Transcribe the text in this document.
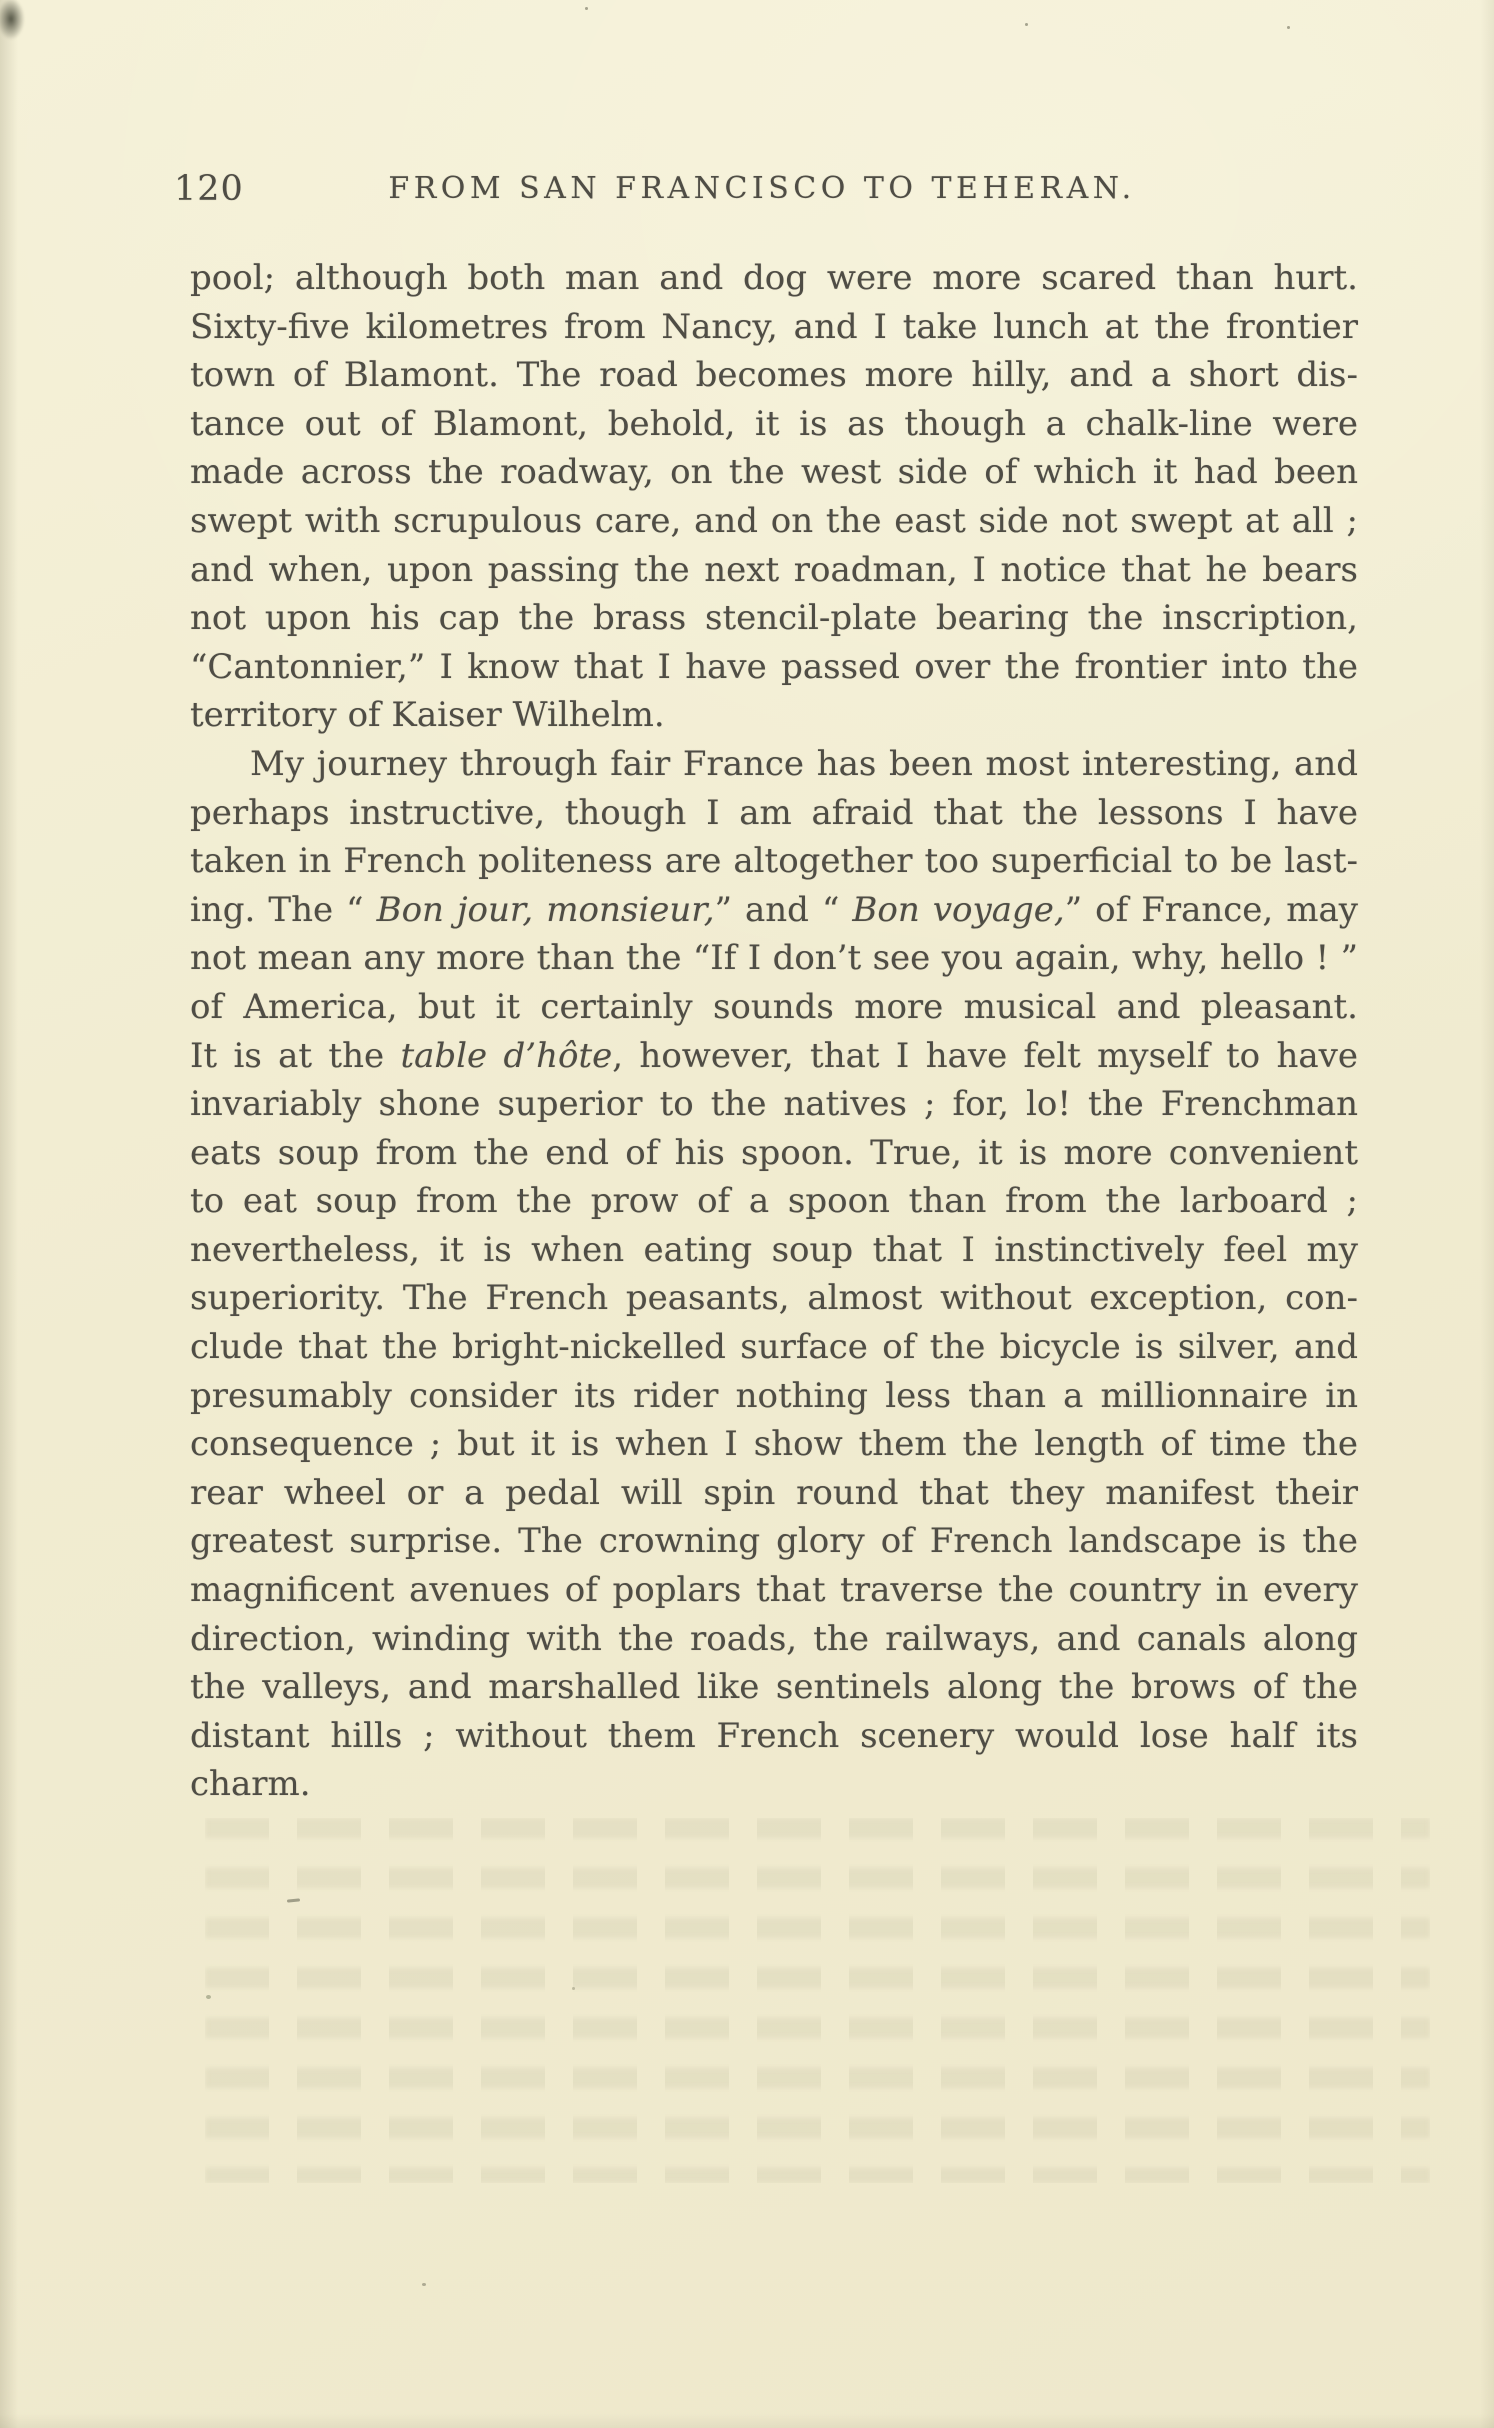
120	FROM SAN FRANCISCO TO TEHERAN.
pool; although both man and dog were more scared than hurt.
Sixty-five kilometres from Nancy, and I take lunch at the frontier
town of Blamont. The road becomes more hilly, and a short dis-
tance out of Blamont, behold, it is as though a chalk-line were
made across the roadway, on the west side of which it had been
swept with scrupulous care, and on the east side not swept at all ;
and when, upon passing the next roadman, I notice that he bears
not upon his cap the brass stencil-plate bearing the inscription,
“Cantonnier,” I know that I have passed over the frontier into the
territory of Kaiser Wilhelm.
My journey through fair France has been most interesting, and
perhaps instructive, though I am afraid that the lessons I have
taken in French politeness are altogether too superficial to be last-
ing. The “ Bon jour, monsieur,” and “ Bon voyage,” of France, may
not mean any more than the “If I don’t see you again, why, hello ! ”
of America, but it certainly sounds more musical and pleasant.
It is at the table d’hôte, however, that I have felt myself to have
invariably shone superior to the natives ; for, lo! the Frenchman
eats soup from the end of his spoon. True, it is more convenient
to eat soup from the prow of a spoon than from the larboard ;
nevertheless, it is when eating soup that I instinctively feel my
superiority. The French peasants, almost without exception, con-
clude that the bright-nickelled surface of the bicycle is silver, and
presumably consider its rider nothing less than a millionnaire in
consequence ; but it is when I show them the length of time the
rear wheel or a pedal will spin round that they manifest their
greatest surprise. The crowning glory of French landscape is the
magnificent avenues of poplars that traverse the country in every
direction, winding with the roads, the railways, and canals along
the valleys, and marshalled like sentinels along the brows of the
distant hills ; without them French scenery would lose half its
charm.
